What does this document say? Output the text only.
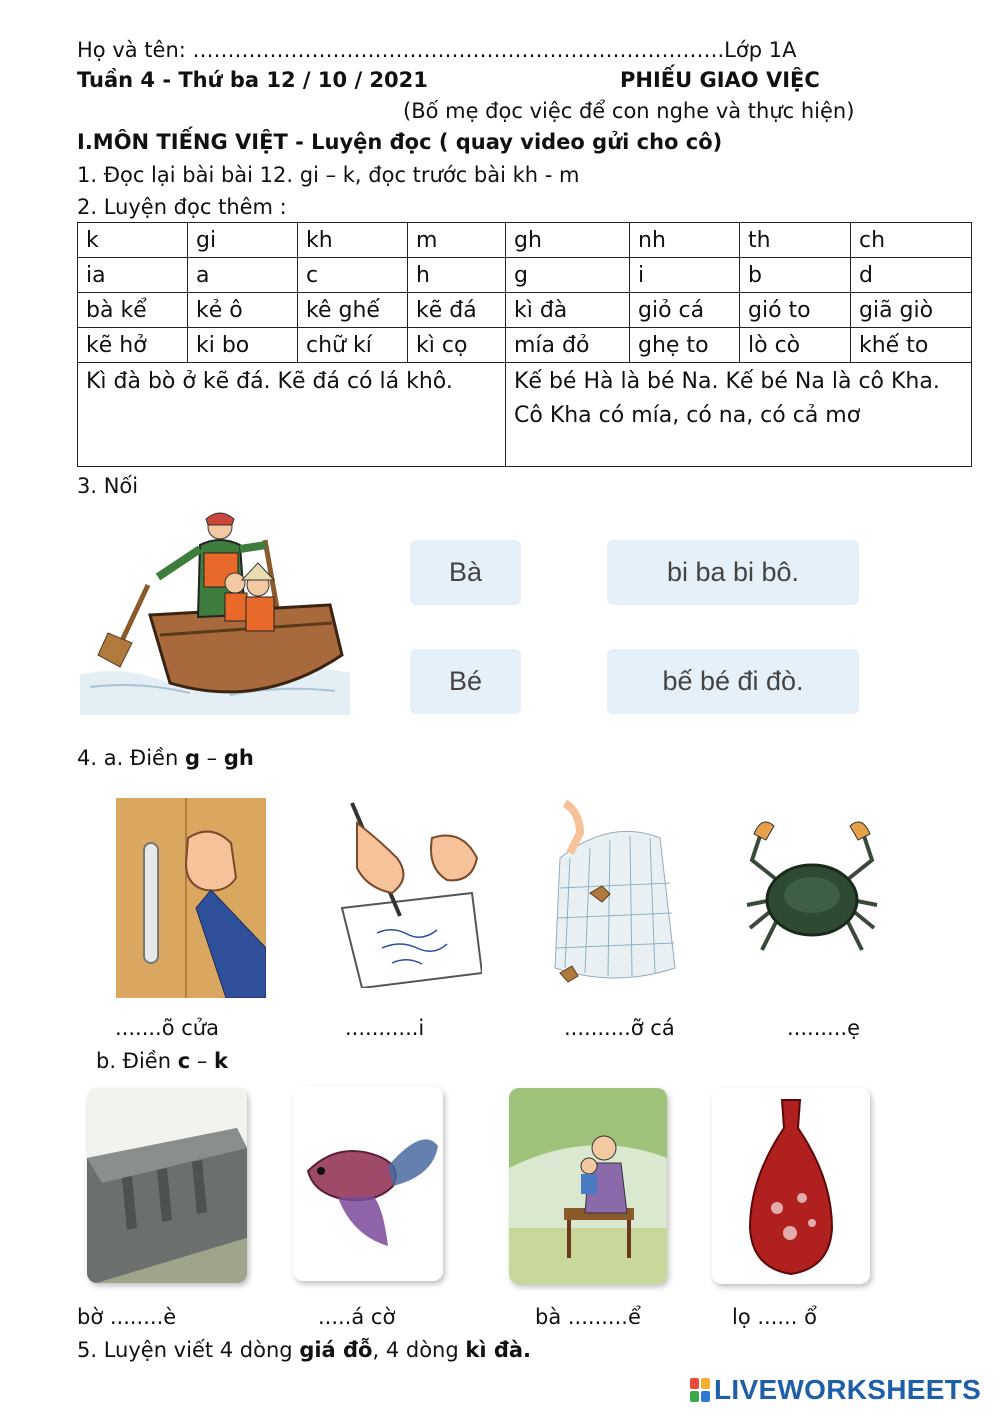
Họ và tên: ………………………………………………………………….Lớp 1A
Tuần 4 - Thứ ba 12 / 10 / 2021	PHIẾU GIAO VIỆC
(Bố mẹ đọc việc để con nghe và thực hiện)
I.MÔN TIẾNG VIỆT - Luyện đọc ( quay video gửi cho cô)
1. Đọc lại bài bài 12. gi – k, đọc trước bài kh - m
2. Luyện đọc thêm :
k	gi	kh	m	gh	nh	th	ch
ia	a	c	h	g	i	b	d
bà kể	kẻ ô	kê ghế	kẽ đá	kì đà	giỏ cá	gió to	giã giò
kẽ hở	ki bo	chữ kí	kì cọ	mía đỏ	ghẹ to	lò cò	khế to
Kì đà bò ở kẽ đá. Kẽ đá có lá khô.				Kế bé Hà là bé Na. Kế bé Na là cô Kha. Cô Kha có mía, có na, có cả mơ			
3. Nối
Bà	bi ba bi bô.
Bé	bế bé đi đò.
4. a. Điền g – gh
.......õ cửa	...........i	..........ỡ cá	.........ẹ
b. Điền c – k
bờ ........è	.....á cờ	bà .........ể	lọ ...... ổ
5. Luyện viết 4 dòng giá đỗ, 4 dòng kì đà.
LIVEWORKSHEETS
